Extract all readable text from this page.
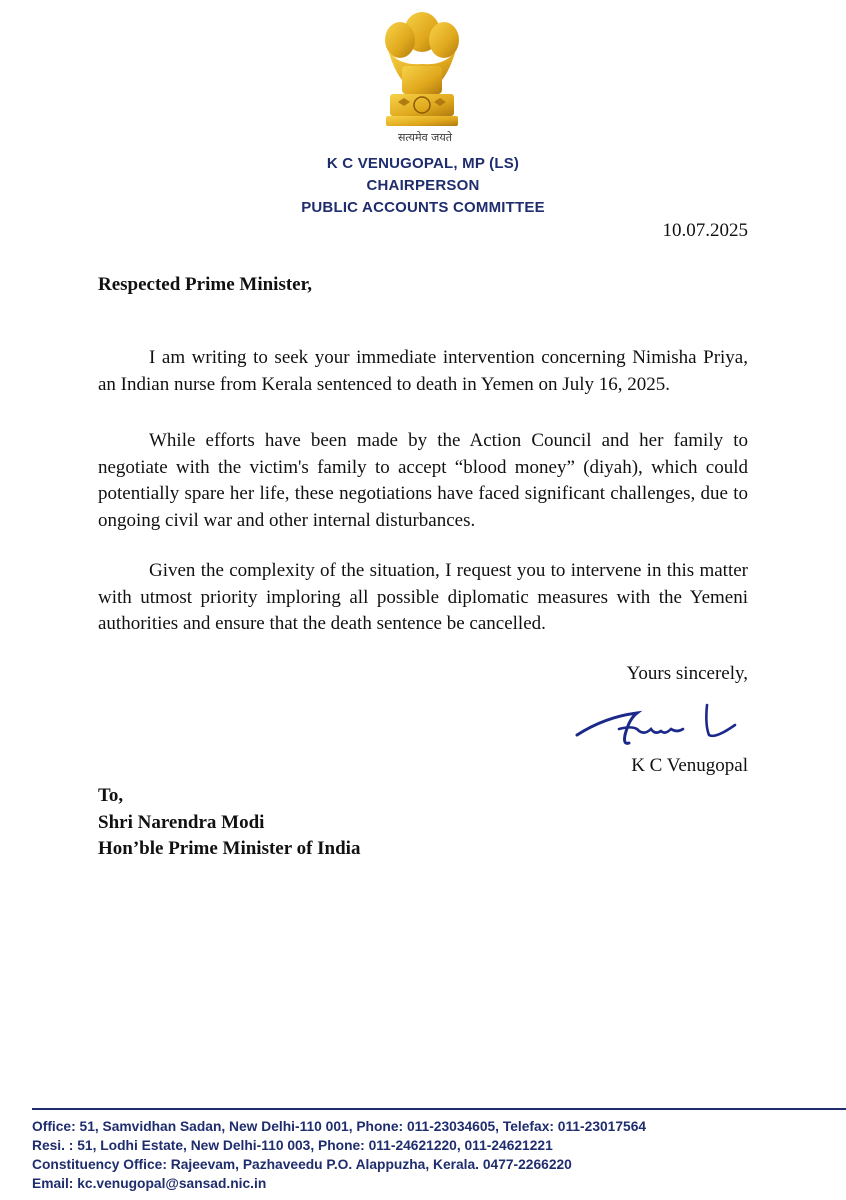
सत्यमेव जयते
K C VENUGOPAL, MP (LS)
CHAIRPERSON
PUBLIC ACCOUNTS COMMITTEE
10.07.2025
Respected Prime Minister,

I am writing to seek your immediate intervention concerning Nimisha Priya, an Indian nurse from Kerala sentenced to death in Yemen on July 16, 2025.

While efforts have been made by the Action Council and her family to negotiate with the victim's family to accept “blood money” (diyah), which could potentially spare her life, these negotiations have faced significant challenges, due to ongoing civil war and other internal disturbances.

Given the complexity of the situation, I request you to intervene in this matter with utmost priority imploring all possible diplomatic measures with the Yemeni authorities and ensure that the death sentence be cancelled.

Yours sincerely,
K C Venugopal
To,
Shri Narendra Modi
Hon’ble Prime Minister of India
Office: 51, Samvidhan Sadan, New Delhi-110 001, Phone: 011-23034605, Telefax: 011-23017564
Resi. : 51, Lodhi Estate, New Delhi-110 003, Phone: 011-24621220, 011-24621221
Constituency Office: Rajeevam, Pazhaveedu P.O. Alappuzha, Kerala. 0477-2266220
Email: kc.venugopal@sansad.nic.in
